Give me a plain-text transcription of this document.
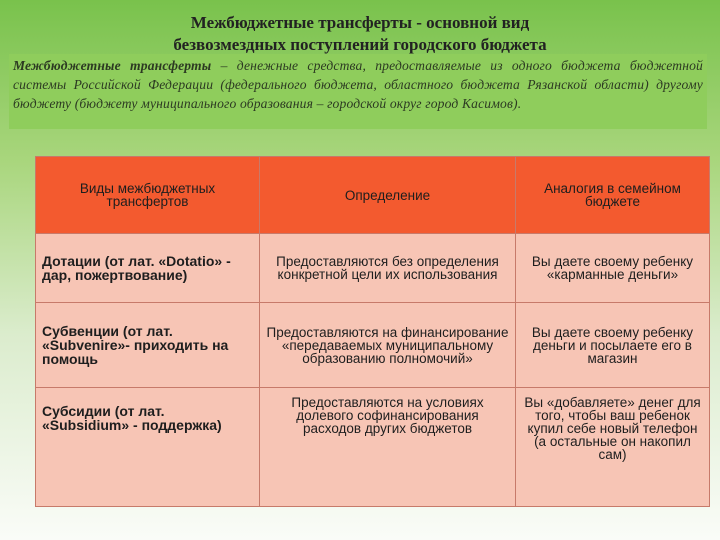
Межбюджетные трансферты - основной вид
безвозмездных поступлений городского бюджета
Межбюджетные трансферты – денежные средства, предоставляемые из одного бюджета бюджетной системы Российской Федерации (федерального бюджета, областного бюджета Рязанской области) другому бюджету (бюджету муниципального образования – городской округ город Касимов).
Виды межбюджетных трансфертов	Определение	Аналогия в семейном бюджете
Дотации (от лат. «Dotatio» - дар, пожертвование)	Предоставляются без определения конкретной цели их использования	Вы даете своему ребенку «карманные деньги»
Субвенции (от лат. «Subvenire»- приходить на помощь	Предоставляются на финансирование «передаваемых муниципальному образованию полномочий»	Вы даете своему ребенку деньги и посылаете его в магазин
Субсидии (от лат. «Subsidium» - поддержка)	Предоставляются на условиях долевого софинансирования расходов других бюджетов	Вы «добавляете» денег для того, чтобы ваш ребенок купил себе новый телефон (а остальные он накопил сам)
